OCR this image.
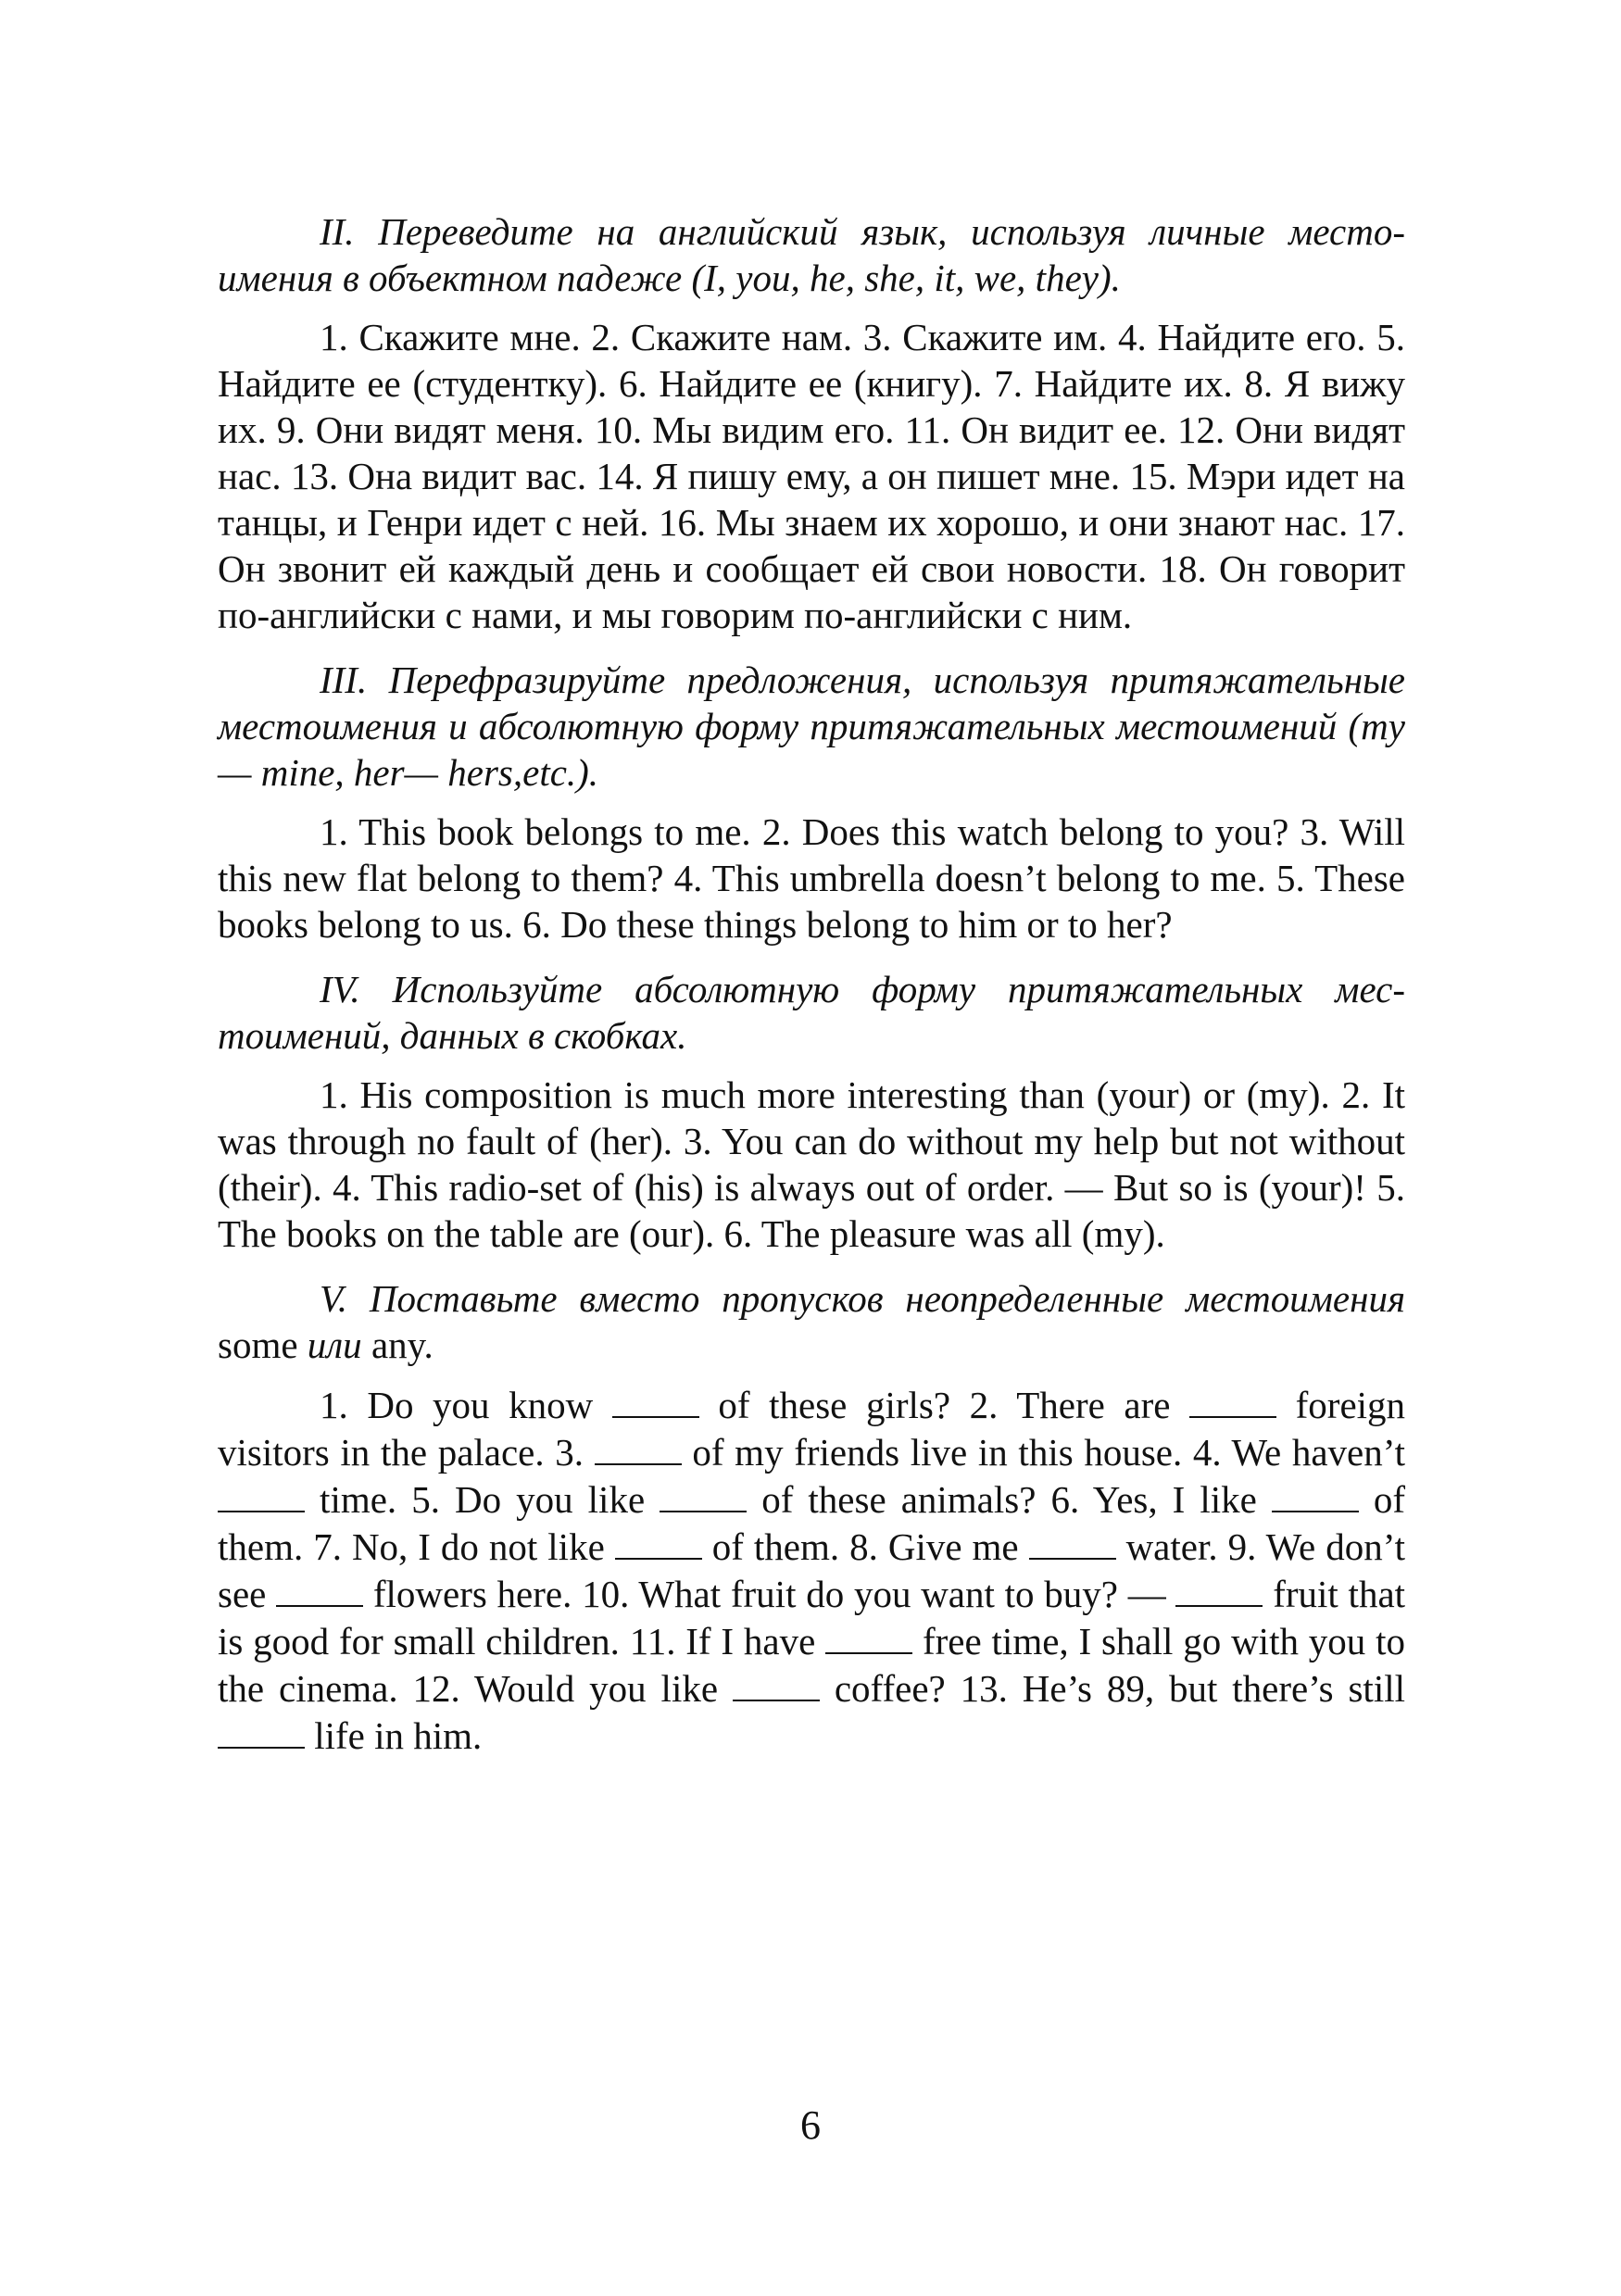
II. Переведите на английский язык, используя личные местоимения в объектном падеже (I, you, he, she, it, we, they).

1. Скажите мне. 2. Скажите нам. 3. Скажите им. 4. Найдите его. 5. Найдите ее (студентку). 6. Найдите ее (книгу). 7. Найдите их. 8. Я вижу их. 9. Они видят меня. 10. Мы видим его. 11. Он видит ее. 12. Они видят нас. 13. Она видит вас. 14. Я пишу ему, а он пишет мне. 15. Мэри идет на танцы, и Генри идет с ней. 16. Мы знаем их хорошо, и они знают нас. 17. Он звонит ей каждый день и сообщает ей свои новости. 18. Он говорит по-английски с нами, и мы говорим по-английски с ним.

III. Перефразируйте предложения, используя притяжательные местоимения и абсолютную форму притяжательных местоимений (my — mine, her— hers,etc.).

1. This book belongs to me. 2. Does this watch belong to you? 3. Will this new flat belong to them? 4. This umbrella doesn’t belong to me. 5. These books belong to us. 6. Do these things belong to him or to her?

IV. Используйте абсолютную форму притяжательных местоимений, данных в скобках.

1. His composition is much more interesting than (your) or (my). 2. It was through no fault of (her). 3. You can do without my help but not without (their). 4. This radio-set of (his) is always out of order. — But so is (your)! 5. The books on the table are (our). 6. The pleasure was all (my).

V. Поставьте вместо пропусков неопределенные местоимения some или any.

1. Do you know	of these girls? 2. There are	foreign visitors in the palace. 3.	of my friends live in this house. 4. We haven’t  time. 5. Do you like	of these animals? 6. Yes, I like	of them. 7. No, I do not like	of them. 8. Give me	water. 9. We don’t see	flowers here. 10. What fruit do you want to buy? —	fruit that is good for small children. 11. If I have	free time, I shall go with you to the cinema. 12. Would you like	coffee? 13. He’s 89, but there’s still  life in him.

6
